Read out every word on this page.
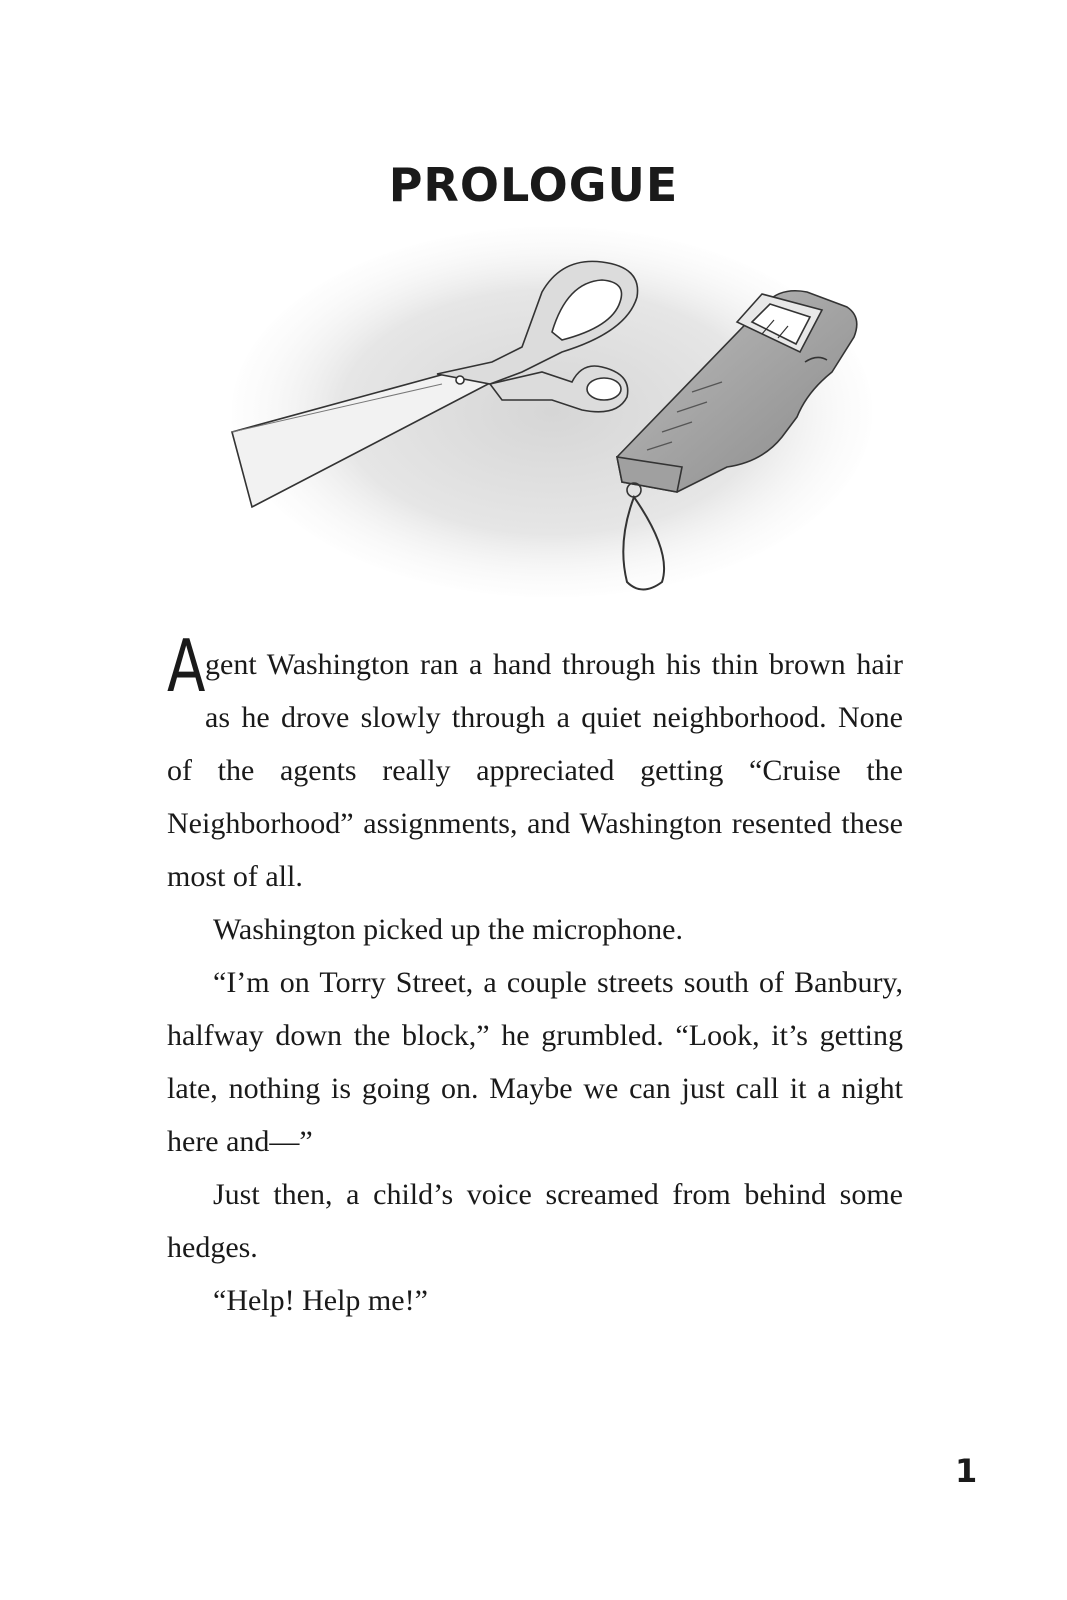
PROLOGUE

Agent Washington ran a hand through his thin brown hair as he drove slowly through a quiet neighborhood. None of the agents really appreciated getting “Cruise the Neighborhood” assignments, and Washington resented these most of all.

Washington picked up the microphone.

“I’m on Torry Street, a couple streets south of Banbury, halfway down the block,” he grumbled. “Look, it’s getting late, nothing is going on. Maybe we can just call it a night here and—”

Just then, a child’s voice screamed from behind some hedges.

“Help! Help me!”

1
